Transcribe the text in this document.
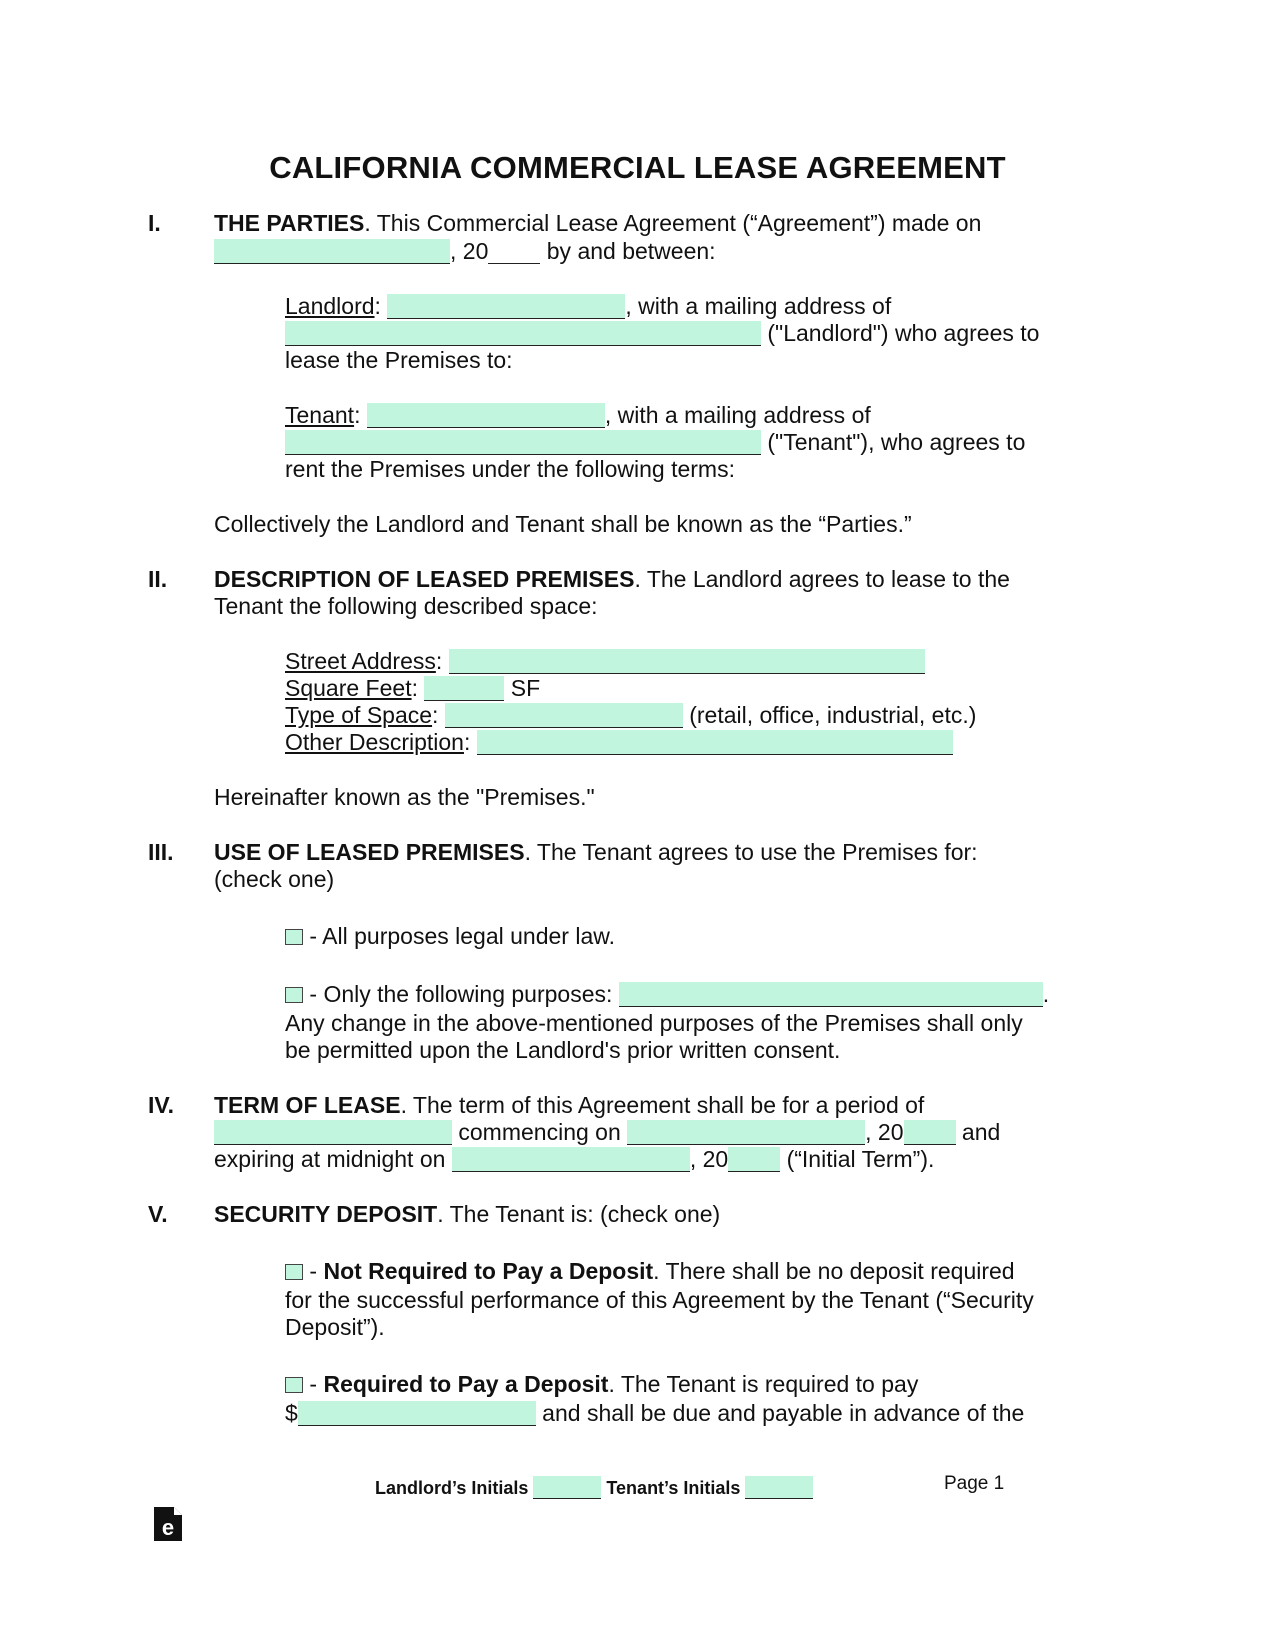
CALIFORNIA COMMERCIAL LEASE AGREEMENT
I. THE PARTIES. This Commercial Lease Agreement (“Agreement”) made on
, 20 by and between:
Landlord:	, with a mailing address of
("Landlord") who agrees to
lease the Premises to:
Tenant:	, with a mailing address of
("Tenant"), who agrees to
rent the Premises under the following terms:
Collectively the Landlord and Tenant shall be known as the “Parties.”
II. DESCRIPTION OF LEASED PREMISES. The Landlord agrees to lease to the
Tenant the following described space:
Street Address:
Square Feet:	SF
Type of Space:	(retail, office, industrial, etc.)
Other Description:
Hereinafter known as the "Premises."
III. USE OF LEASED PREMISES. The Tenant agrees to use the Premises for:
(check one)
- All purposes legal under law.
- Only the following purposes:	.
Any change in the above-mentioned purposes of the Premises shall only
be permitted upon the Landlord's prior written consent.
IV. TERM OF LEASE. The term of this Agreement shall be for a period of
commencing on	, 20 and
expiring at midnight on	, 20 (“Initial Term”).
V. SECURITY DEPOSIT. The Tenant is: (check one)
- Not Required to Pay a Deposit. There shall be no deposit required
for the successful performance of this Agreement by the Tenant (“Security
Deposit”).
- Required to Pay a Deposit. The Tenant is required to pay
$	and shall be due and payable in advance of the
e
Landlord’s Initials	Tenant’s Initials	Page 1
